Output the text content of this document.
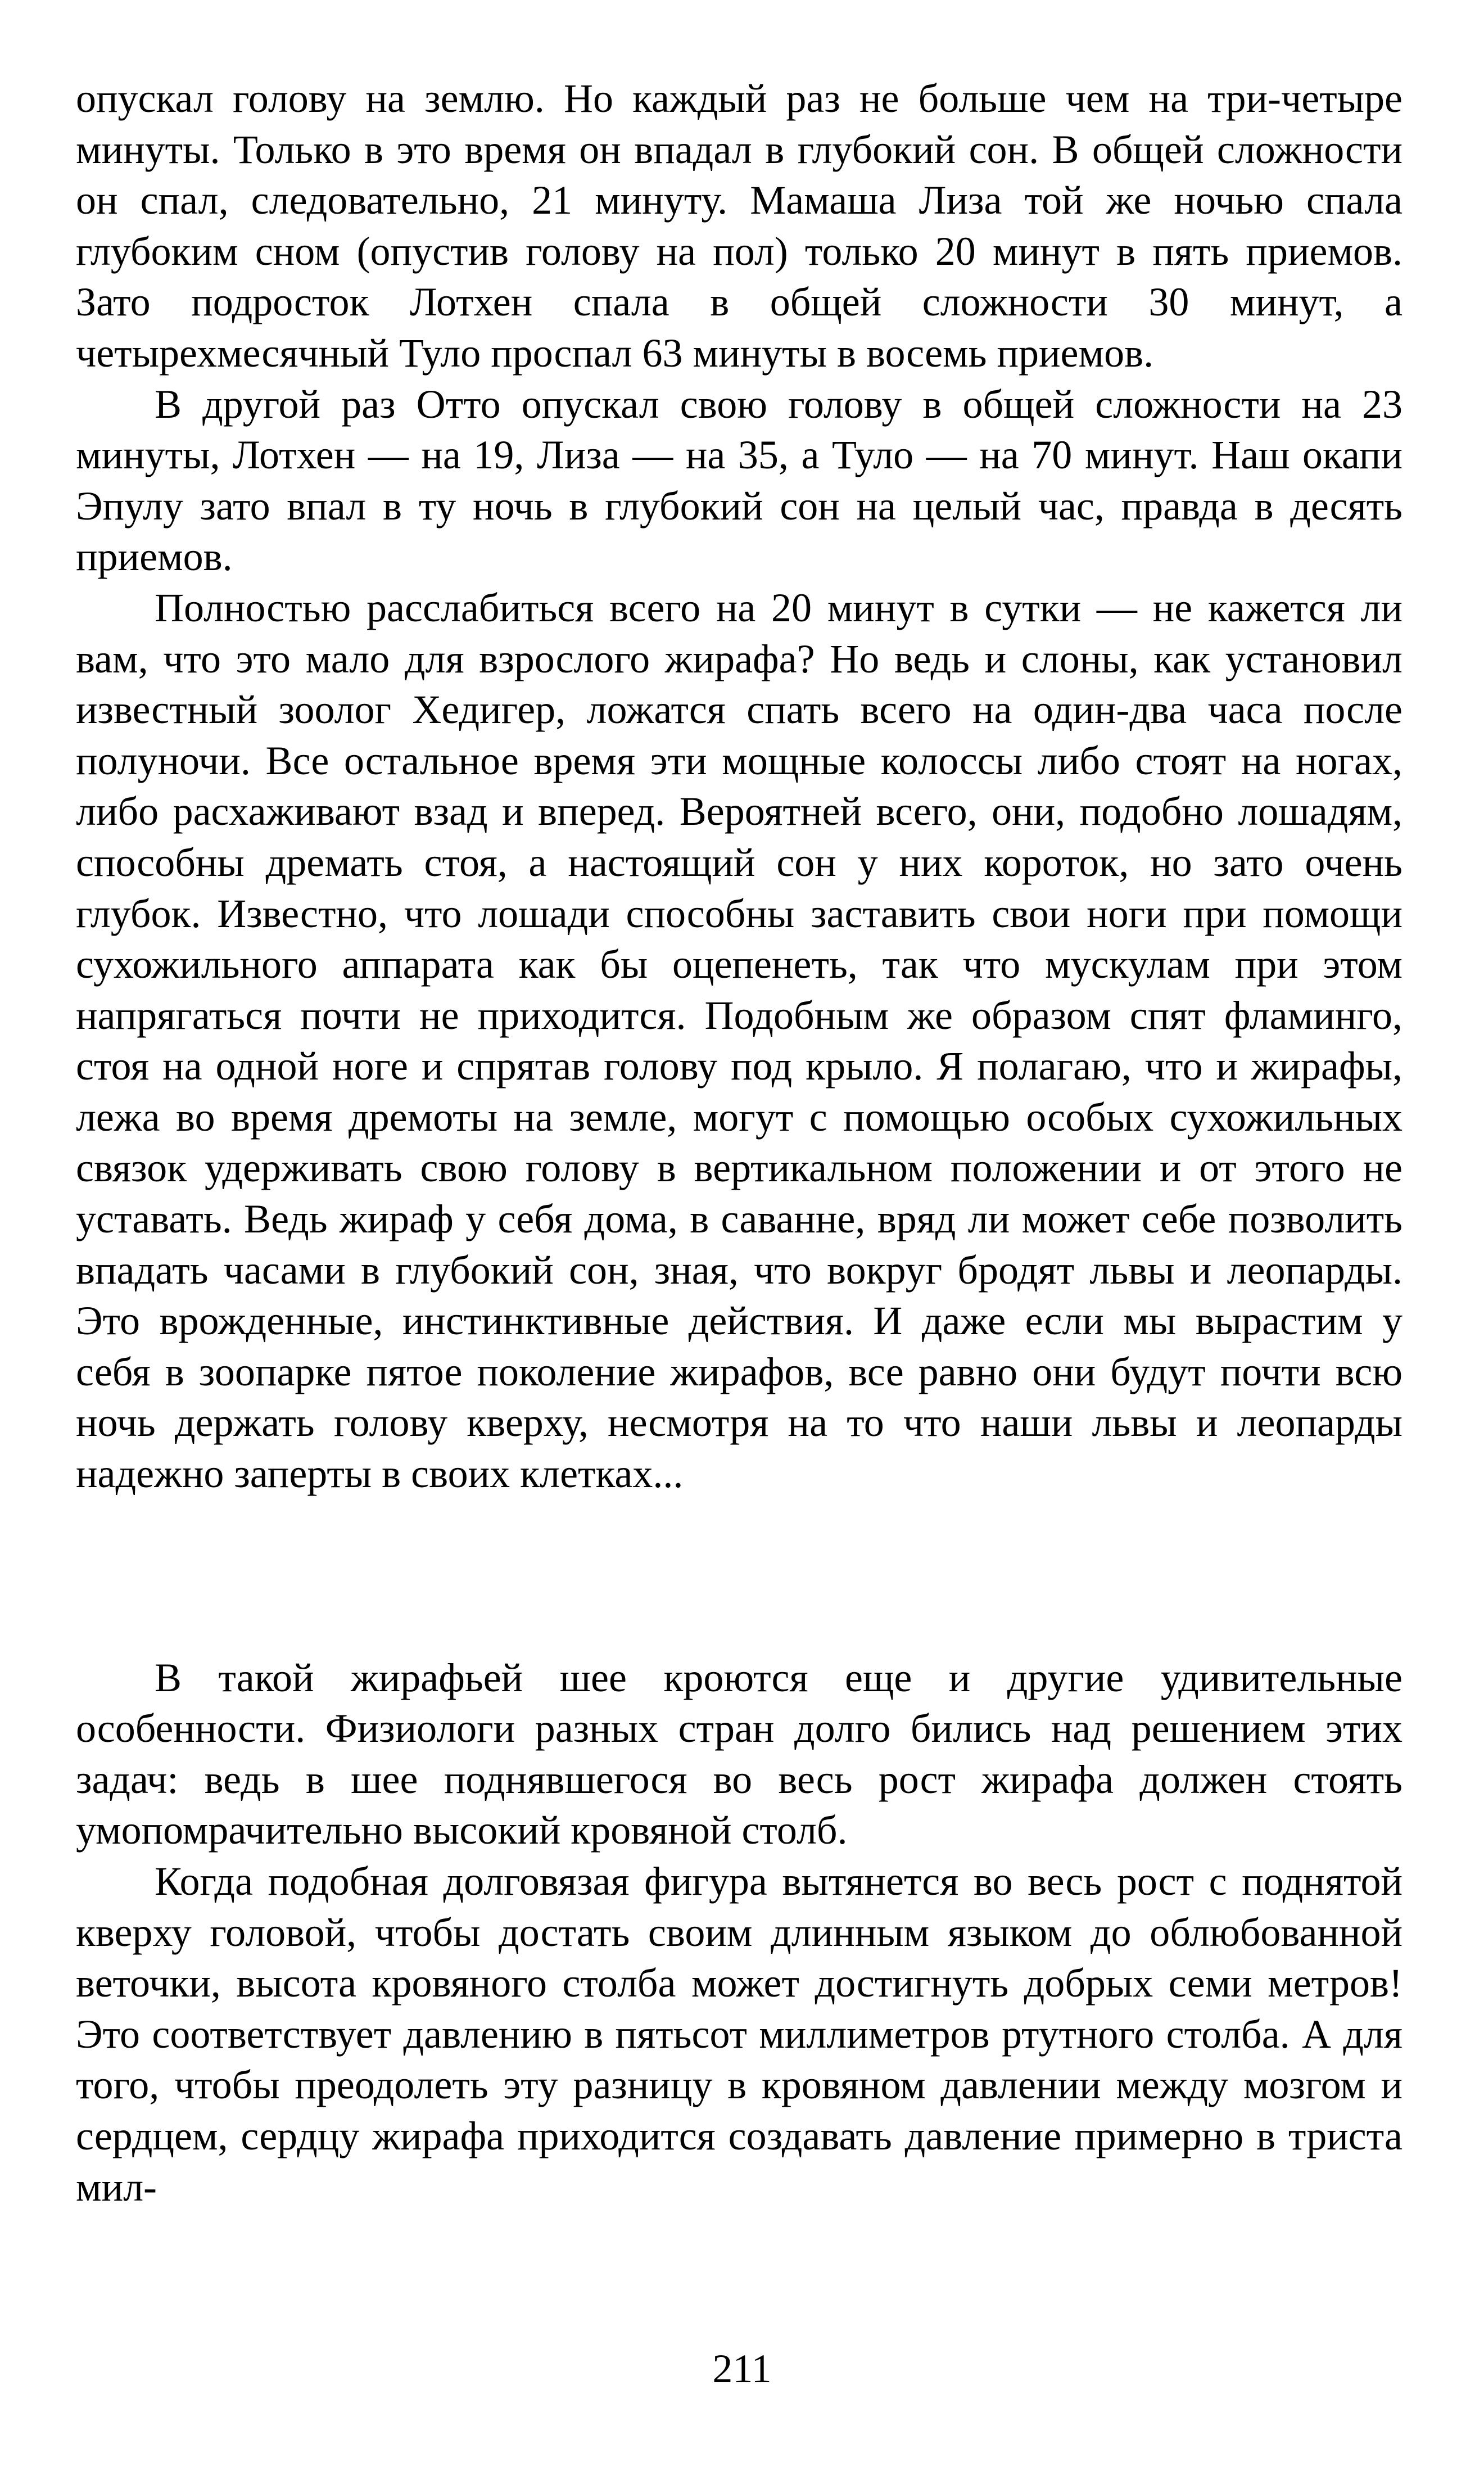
опускал голову на землю. Но каждый раз не больше чем на три-четыре минуты. Только в это время он впадал в глубокий сон. В общей сложности он спал, следовательно, 21 минуту. Мамаша Лиза той же ночью спала глубоким сном (опустив голову на пол) только 20 минут в пять приемов. Зато подросток Лотхен спала в общей сложности 30 минут, а четырехмесячный Туло проспал 63 минуты в восемь приемов.

В другой раз Отто опускал свою голову в общей сложности на 23 минуты, Лотхен — на 19, Лиза — на 35, а Туло — на 70 минут. Наш окапи Эпулу зато впал в ту ночь в глубокий сон на целый час, правда в десять приемов.

Полностью расслабиться всего на 20 минут в сутки — не кажется ли вам, что это мало для взрослого жирафа? Но ведь и слоны, как установил известный зоолог Хедигер, ложатся спать всего на один-два часа после полуночи. Все остальное время эти мощные колоссы либо стоят на ногах, либо расхаживают взад и вперед. Вероятней всего, они, подобно лошадям, способны дремать стоя, а настоящий сон у них короток, но зато очень глубок. Известно, что лошади способны заставить свои ноги при помощи сухожильного аппарата как бы оцепенеть, так что мускулам при этом напрягаться почти не приходится. Подобным же образом спят фламинго, стоя на одной ноге и спрятав голову под крыло. Я полагаю, что и жирафы, лежа во время дремоты на земле, могут с помощью особых сухожильных связок удерживать свою голову в вертикальном положении и от этого не уставать. Ведь жираф у себя дома, в саванне, вряд ли может себе позволить впадать часами в глубокий сон, зная, что вокруг бродят львы и леопарды. Это врожденные, инстинктивные действия. И даже если мы вырастим у себя в зоопарке пятое поколение жирафов, все равно они будут почти всю ночь держать голову кверху, несмотря на то что наши львы и леопарды надежно заперты в своих клетках...

В такой жирафьей шее кроются еще и другие удивительные особенности. Физиологи разных стран долго бились над решением этих задач: ведь в шее поднявшегося во весь рост жирафа должен стоять умопомрачительно высокий кровяной столб.

Когда подобная долговязая фигура вытянется во весь рост с поднятой кверху головой, чтобы достать своим длинным языком до облюбованной веточки, высота кровяного столба может достигнуть добрых семи метров! Это соответствует давлению в пятьсот миллиметров ртутного столба. А для того, чтобы преодолеть эту разницу в кровяном давлении между мозгом и сердцем, сердцу жирафа приходится создавать давление примерно в триста мил-

211
